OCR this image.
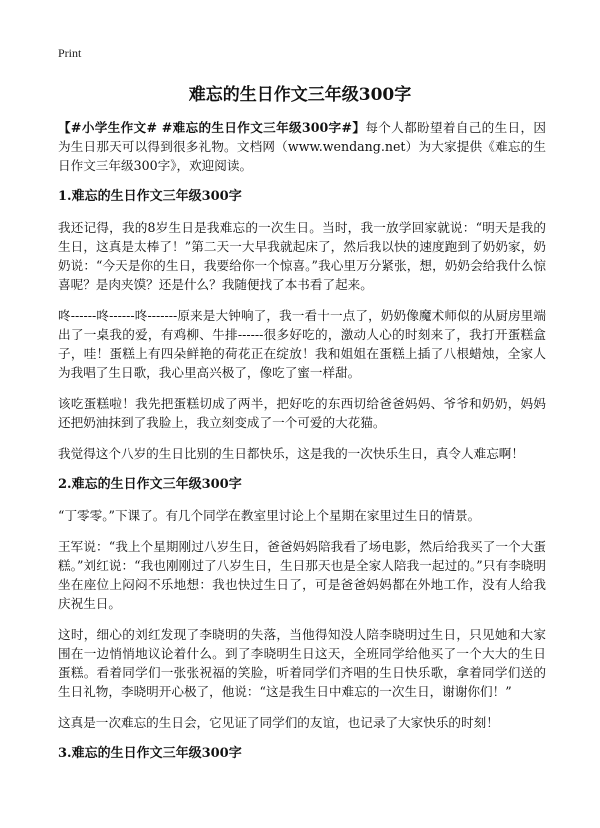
Print
难忘的生日作文三年级300字

【#小学生作文# #难忘的生日作文三年级300字#】每个人都盼望着自己的生日，因为生日那天可以得到很多礼物。文档网（www.wendang.net）为大家提供《难忘的生日作文三年级300字》，欢迎阅读。

1.难忘的生日作文三年级300字

我还记得，我的8岁生日是我难忘的一次生日。当时，我一放学回家就说：“明天是我的生日，这真是太棒了！”第二天一大早我就起床了，然后我以快的速度跑到了奶奶家，奶奶说：“今天是你的生日，我要给你一个惊喜。”我心里万分紧张，想，奶奶会给我什么惊喜呢？是肉夹馍？还是什么？我随便找了本书看了起来。

咚------咚------咚-------原来是大钟响了，我一看十一点了，奶奶像魔术师似的从厨房里端出了一桌我的爱，有鸡柳、牛排------很多好吃的，激动人心的时刻来了，我打开蛋糕盒子，哇！蛋糕上有四朵鲜艳的荷花正在绽放！我和姐姐在蛋糕上插了八根蜡烛，全家人为我唱了生日歌，我心里高兴极了，像吃了蜜一样甜。

该吃蛋糕啦！我先把蛋糕切成了两半，把好吃的东西切给爸爸妈妈、爷爷和奶奶，妈妈还把奶油抹到了我脸上，我立刻变成了一个可爱的大花猫。

我觉得这个八岁的生日比别的生日都快乐，这是我的一次快乐生日，真令人难忘啊！

2.难忘的生日作文三年级300字

“丁零零。”下课了。有几个同学在教室里讨论上个星期在家里过生日的情景。

王军说：“我上个星期刚过八岁生日，爸爸妈妈陪我看了场电影，然后给我买了一个大蛋糕。”刘红说：“我也刚刚过了八岁生日，生日那天也是全家人陪我一起过的。”只有李晓明坐在座位上闷闷不乐地想：我也快过生日了，可是爸爸妈妈都在外地工作，没有人给我庆祝生日。

这时，细心的刘红发现了李晓明的失落，当他得知没人陪李晓明过生日，只见她和大家围在一边悄悄地议论着什么。到了李晓明生日这天，全班同学给他买了一个大大的生日蛋糕。看着同学们一张张祝福的笑脸，听着同学们齐唱的生日快乐歌，拿着同学们送的生日礼物，李晓明开心极了，他说：“这是我生日中难忘的一次生日，谢谢你们！”

这真是一次难忘的生日会，它见证了同学们的友谊，也记录了大家快乐的时刻！

3.难忘的生日作文三年级300字
